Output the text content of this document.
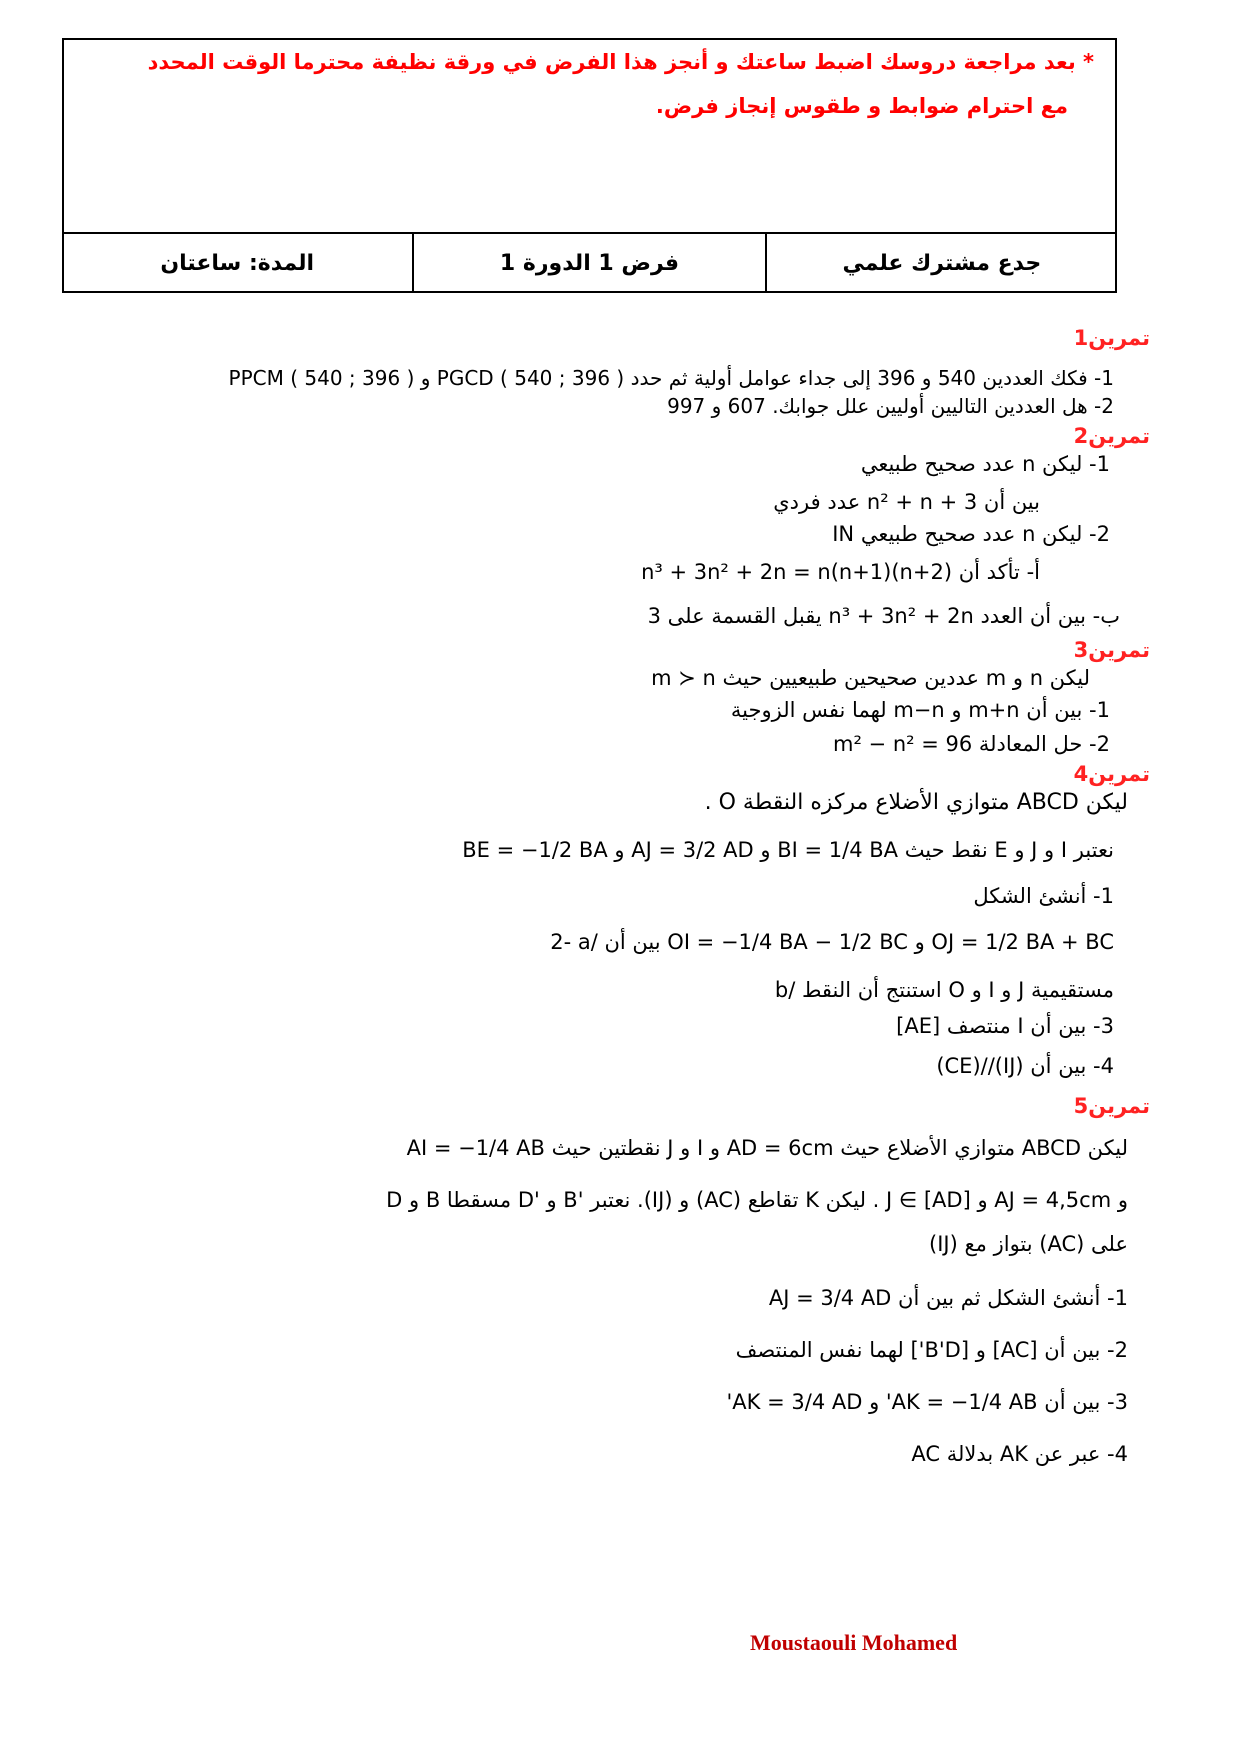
* بعد مراجعة دروسك اضبط ساعتك و أنجز هذا الفرض في ورقة نظيفة محترما الوقت المحدد
مع احترام ضوابط و طقوس إنجاز فرض.
المدة: ساعتان	فرض 1 الدورة 1	جدع مشترك علمي
تمرين1
1- فكك العددين 540 و 396 إلى جداء عوامل أولية ثم حدد ( 396 ; 540 ) PGCD و ( 396 ; 540 ) PPCM
2- هل العددين التاليين أوليين علل جوابك. 607 و 997
تمرين2
1- ليكن n عدد صحيح طبيعي
بين أن n² + n + 3 عدد فردي
2- ليكن n عدد صحيح طبيعي IN
أ- تأكد أن n³ + 3n² + 2n = n(n+1)(n+2)
ب- بين أن العدد n³ + 3n² + 2n يقبل القسمة على 3
تمرين3
ليكن n و m عددين صحيحين طبيعيين حيث m ≻ n
1- بين أن m+n و m−n لهما نفس الزوجية
2- حل المعادلة m² − n² = 96
تمرين4
ليكن ABCD متوازي الأضلاع مركزه النقطة O .
نعتبر I و J و E نقط حيث BI = 1/4 BA و AJ = 3/2 AD و BE = −1/2 BA
1- أنشئ الشكل
2- a/ بين أن OI = −1/4 BA − 1/2 BC و OJ = 1/2 BA + BC
b/ استنتج أن النقط O و I و J مستقيمية
3- بين أن I منتصف [AE]
4- بين أن (IJ)//(CE)
تمرين5
ليكن ABCD متوازي الأضلاع حيث AD = 6cm و I و J نقطتين حيث AI = −1/4 AB
و AJ = 4,5cm و J ∈ [AD] . ليكن K تقاطع (AC) و (IJ). نعتبر 'B و 'D مسقطا B و D
على (AC) بتواز مع (IJ)
1- أنشئ الشكل ثم بين أن AJ = 3/4 AD
2- بين أن [AC] و [B'D'] لهما نفس المنتصف
3- بين أن AK = −1/4 AB' و AK = 3/4 AD'
4- عبر عن AK بدلالة AC
Moustaouli Mohamed
